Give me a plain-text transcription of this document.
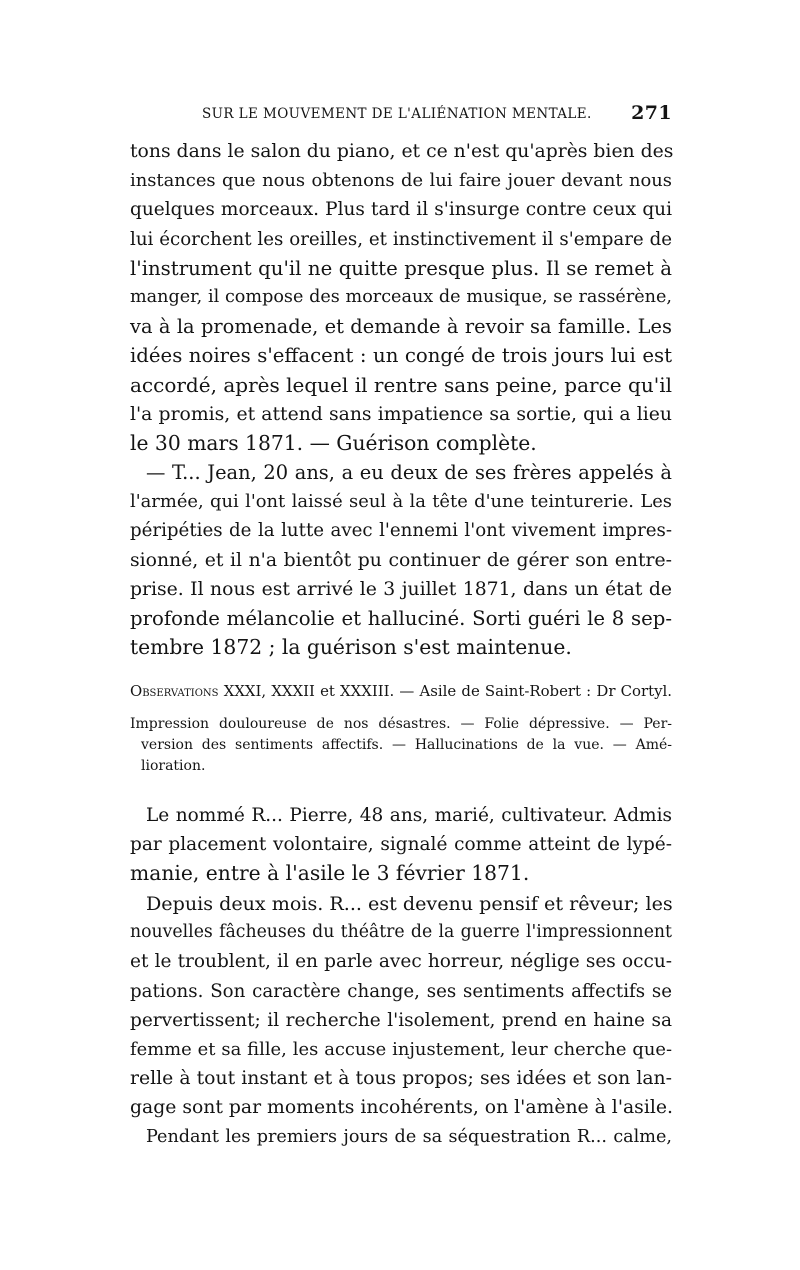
SUR LE MOUVEMENT DE L'ALIÉNATION MENTALE. 271
tons dans le salon du piano, et ce n'est qu'après bien des
instances que nous obtenons de lui faire jouer devant nous
quelques morceaux. Plus tard il s'insurge contre ceux qui
lui écorchent les oreilles, et instinctivement il s'empare de
l'instrument qu'il ne quitte presque plus. Il se remet à
manger, il compose des morceaux de musique, se rassérène,
va à la promenade, et demande à revoir sa famille. Les
idées noires s'effacent : un congé de trois jours lui est
accordé, après lequel il rentre sans peine, parce qu'il
l'a promis, et attend sans impatience sa sortie, qui a lieu
le 30 mars 1871. — Guérison complète.
— T... Jean, 20 ans, a eu deux de ses frères appelés à
l'armée, qui l'ont laissé seul à la tête d'une teinturerie. Les
péripéties de la lutte avec l'ennemi l'ont vivement impres-
sionné, et il n'a bientôt pu continuer de gérer son entre-
prise. Il nous est arrivé le 3 juillet 1871, dans un état de
profonde mélancolie et halluciné. Sorti guéri le 8 sep-
tembre 1872 ; la guérison s'est maintenue.
Observations XXXI, XXXII et XXXIII. — Asile de Saint-Robert : Dr Cortyl.
Impression douloureuse de nos désastres. — Folie dépressive. — Per-
version des sentiments affectifs. — Hallucinations de la vue. — Amé-
lioration.
Le nommé R... Pierre, 48 ans, marié, cultivateur. Admis
par placement volontaire, signalé comme atteint de lypé-
manie, entre à l'asile le 3 février 1871.
Depuis deux mois. R... est devenu pensif et rêveur; les
nouvelles fâcheuses du théâtre de la guerre l'impressionnent
et le troublent, il en parle avec horreur, néglige ses occu-
pations. Son caractère change, ses sentiments affectifs se
pervertissent; il recherche l'isolement, prend en haine sa
femme et sa fille, les accuse injustement, leur cherche que-
relle à tout instant et à tous propos; ses idées et son lan-
gage sont par moments incohérents, on l'amène à l'asile.
Pendant les premiers jours de sa séquestration R... calme,
